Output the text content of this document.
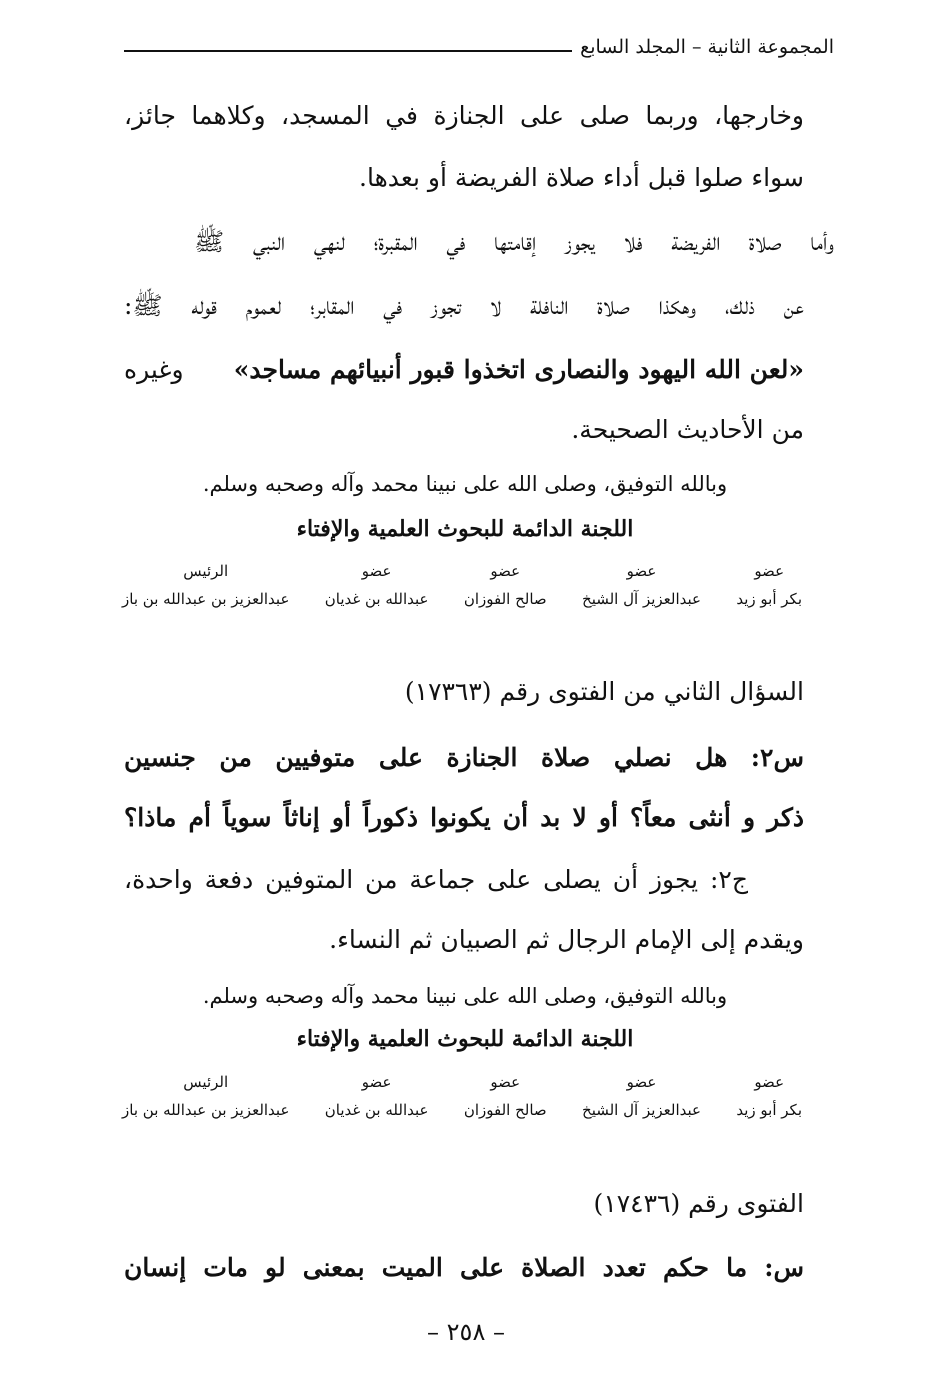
المجموعة الثانية – المجلد السابع
وخارجها، وربما صلى على الجنازة في المسجد، وكلاهما جائز،
سواء صلوا قبل أداء صلاة الفريضة أو بعدها.
وأما صلاة الفريضة فلا يجوز إقامتها في المقبرة؛ لنهي النبي ﷺ
عن ذلك، وهكذا صلاة النافلة لا تجوز في المقابر؛ لعموم قوله ﷺ:
«لعن الله اليهود والنصارى اتخذوا قبور أنبيائهم مساجد»
وغيره
من الأحاديث الصحيحة.
وبالله التوفيق، وصلى الله على نبينا محمد وآله وصحبه وسلم.
اللجنة الدائمة للبحوث العلمية والإفتاء
عضو
بكر أبو زيد
عضو
عبدالعزيز آل الشيخ
عضو
صالح الفوزان
عضو
عبدالله بن غديان
الرئيس
عبدالعزيز بن عبدالله بن باز
السؤال الثاني من الفتوى رقم (١٧٣٦٣)
س٢: هل نصلي صلاة الجنازة على متوفيين من جنسين
ذكر و أنثى معاً؟ أو لا بد أن يكونوا ذكوراً أو إناثاً سوياً أم ماذا؟
ج٢: يجوز أن يصلى على جماعة من المتوفين دفعة واحدة،
ويقدم إلى الإمام الرجال ثم الصبيان ثم النساء.
وبالله التوفيق، وصلى الله على نبينا محمد وآله وصحبه وسلم.
اللجنة الدائمة للبحوث العلمية والإفتاء
عضو
بكر أبو زيد
عضو
عبدالعزيز آل الشيخ
عضو
صالح الفوزان
عضو
عبدالله بن غديان
الرئيس
عبدالعزيز بن عبدالله بن باز
الفتوى رقم (١٧٤٣٦)
س: ما حكم تعدد الصلاة على الميت بمعنى لو مات إنسان
– ٢٥٨ –
